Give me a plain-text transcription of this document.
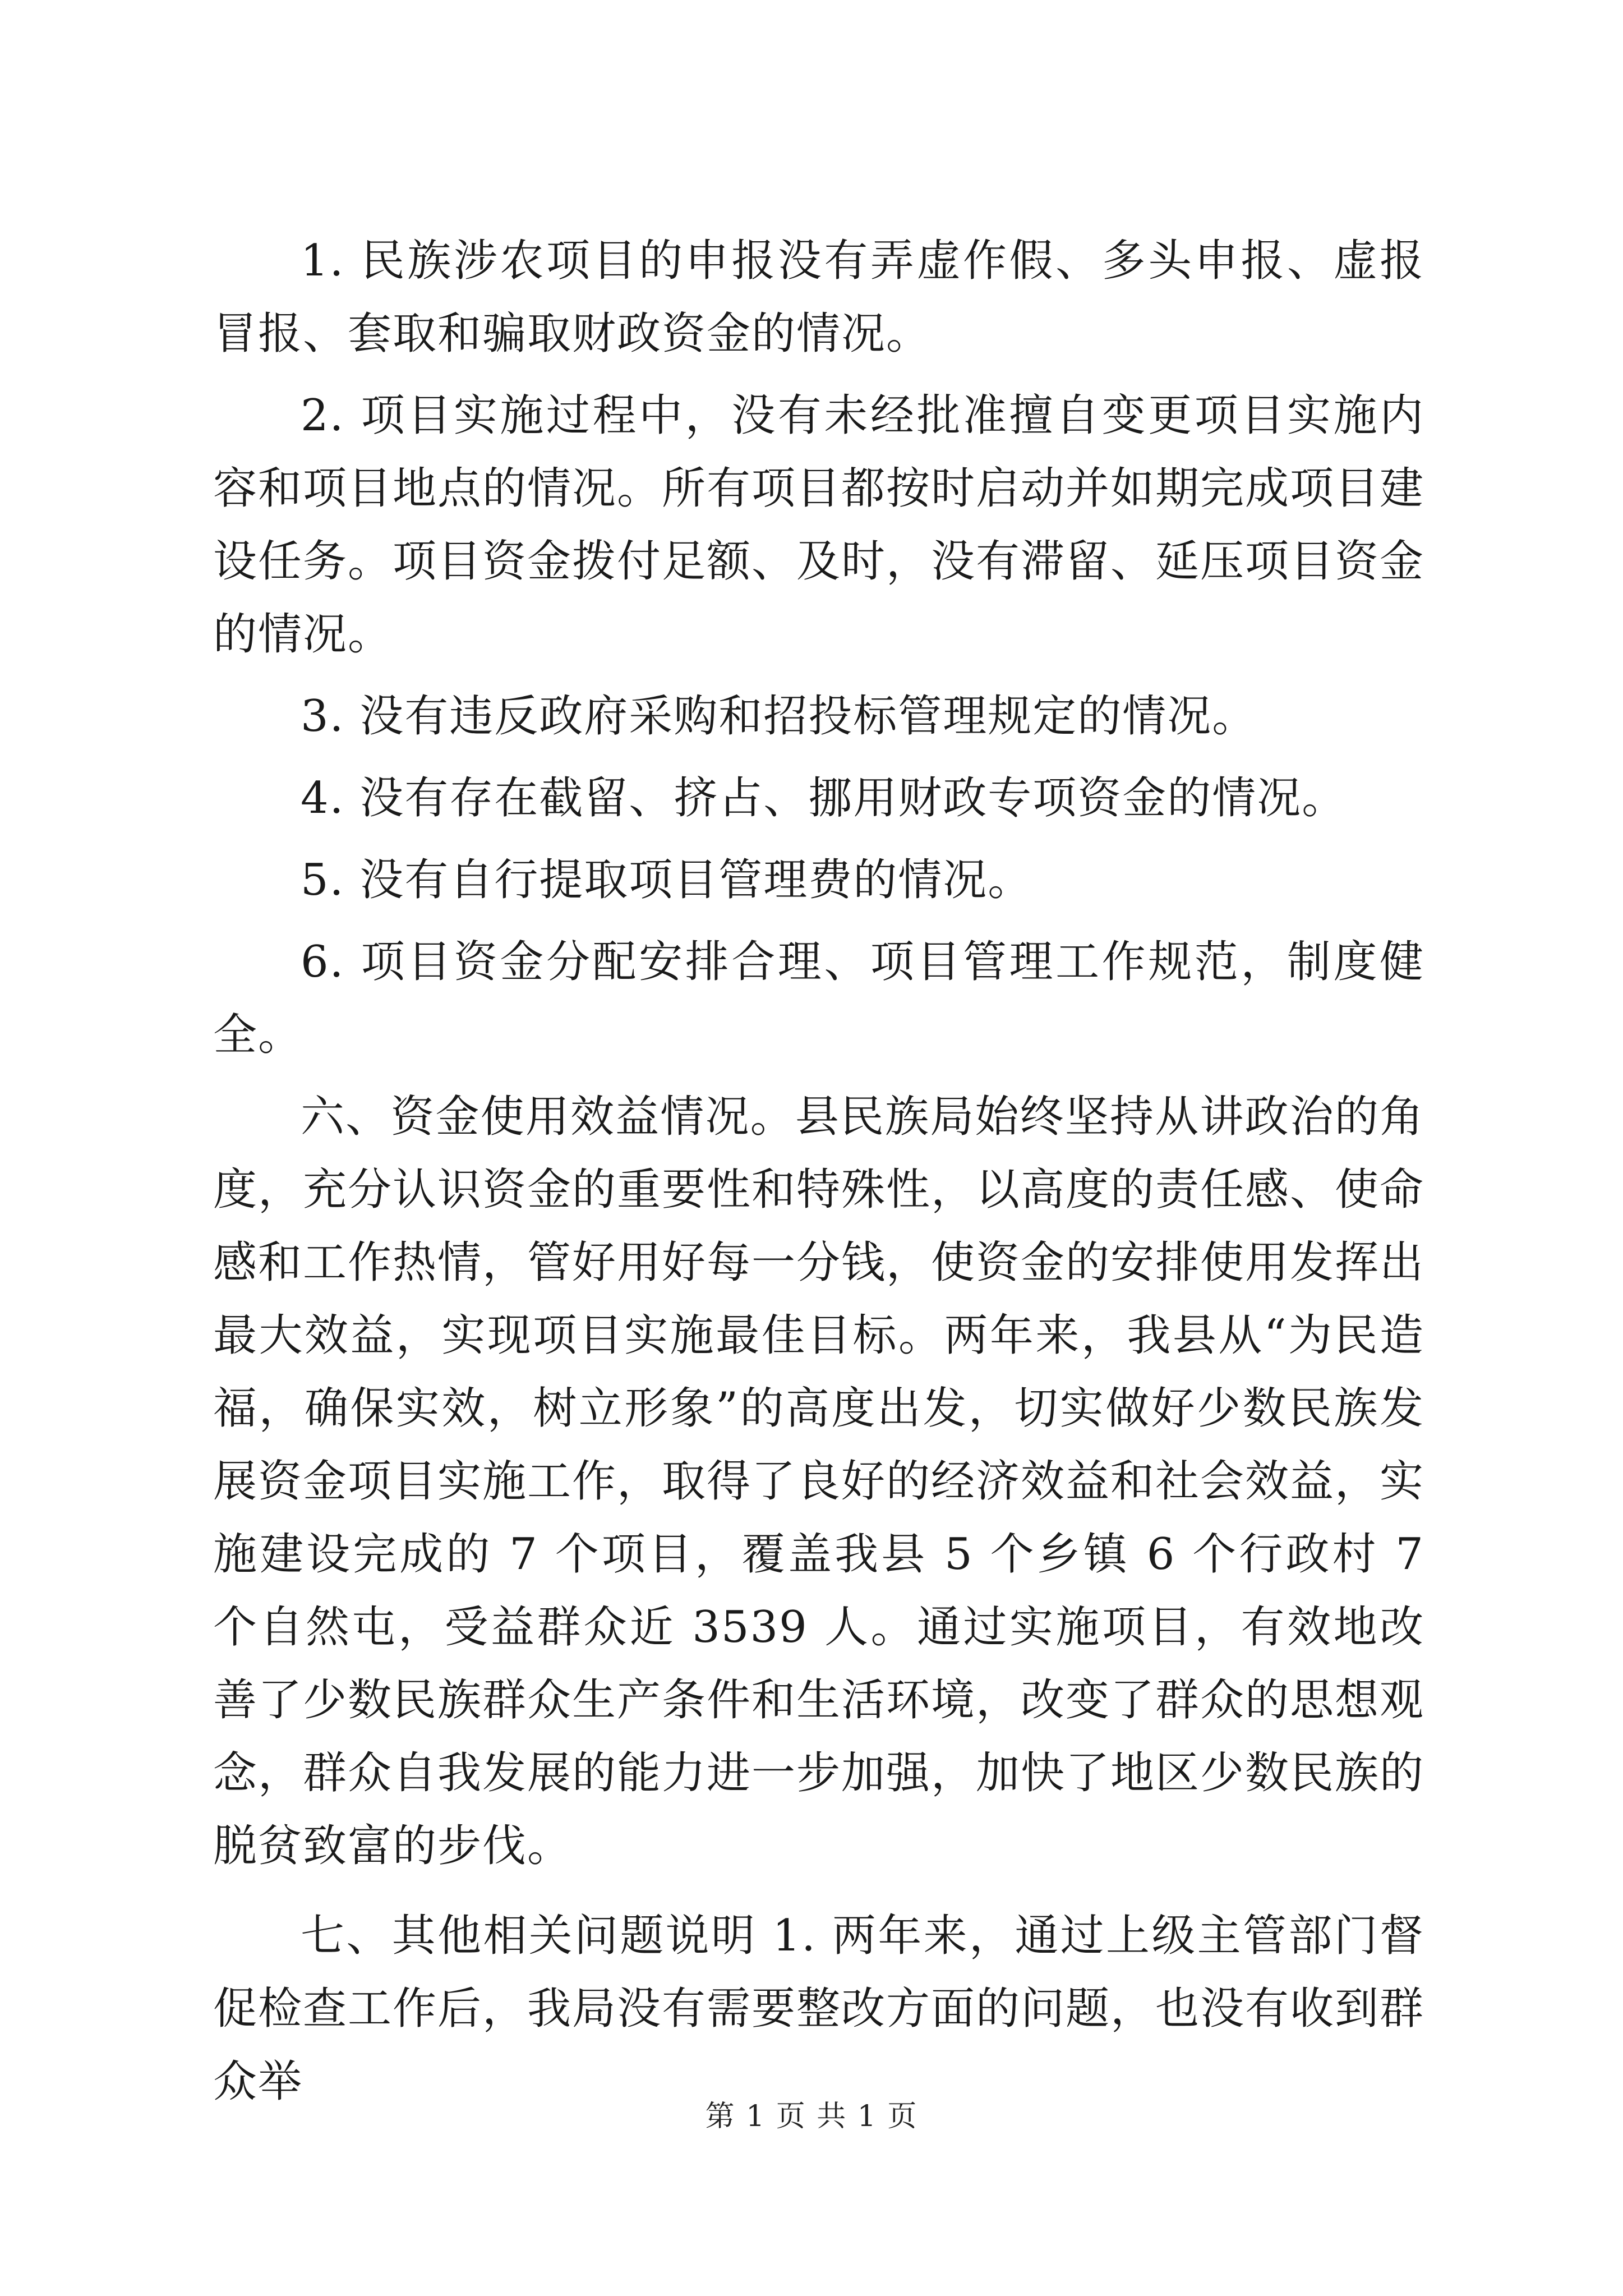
1. 民族涉农项目的申报没有弄虚作假、多头申报、虚报冒报、套取和骗取财政资金的情况。

2. 项目实施过程中，没有未经批准擅自变更项目实施内容和项目地点的情况。所有项目都按时启动并如期完成项目建设任务。项目资金拨付足额、及时，没有滞留、延压项目资金的情况。

3. 没有违反政府采购和招投标管理规定的情况。

4. 没有存在截留、挤占、挪用财政专项资金的情况。

5. 没有自行提取项目管理费的情况。

6. 项目资金分配安排合理、项目管理工作规范，制度健全。

六、资金使用效益情况。县民族局始终坚持从讲政治的角度，充分认识资金的重要性和特殊性，以高度的责任感、使命感和工作热情，管好用好每一分钱，使资金的安排使用发挥出最大效益，实现项目实施最佳目标。两年来，我县从“为民造福，确保实效，树立形象”的高度出发，切实做好少数民族发展资金项目实施工作，取得了良好的经济效益和社会效益，实施建设完成的 7 个项目，覆盖我县 5 个乡镇 6 个行政村 7 个自然屯，受益群众近 3539 人。通过实施项目，有效地改善了少数民族群众生产条件和生活环境，改变了群众的思想观念，群众自我发展的能力进一步加强，加快了地区少数民族的脱贫致富的步伐。

七、其他相关问题说明 1. 两年来，通过上级主管部门督促检查工作后，我局没有需要整改方面的问题，也没有收到群众举

第 1 页 共 1 页
